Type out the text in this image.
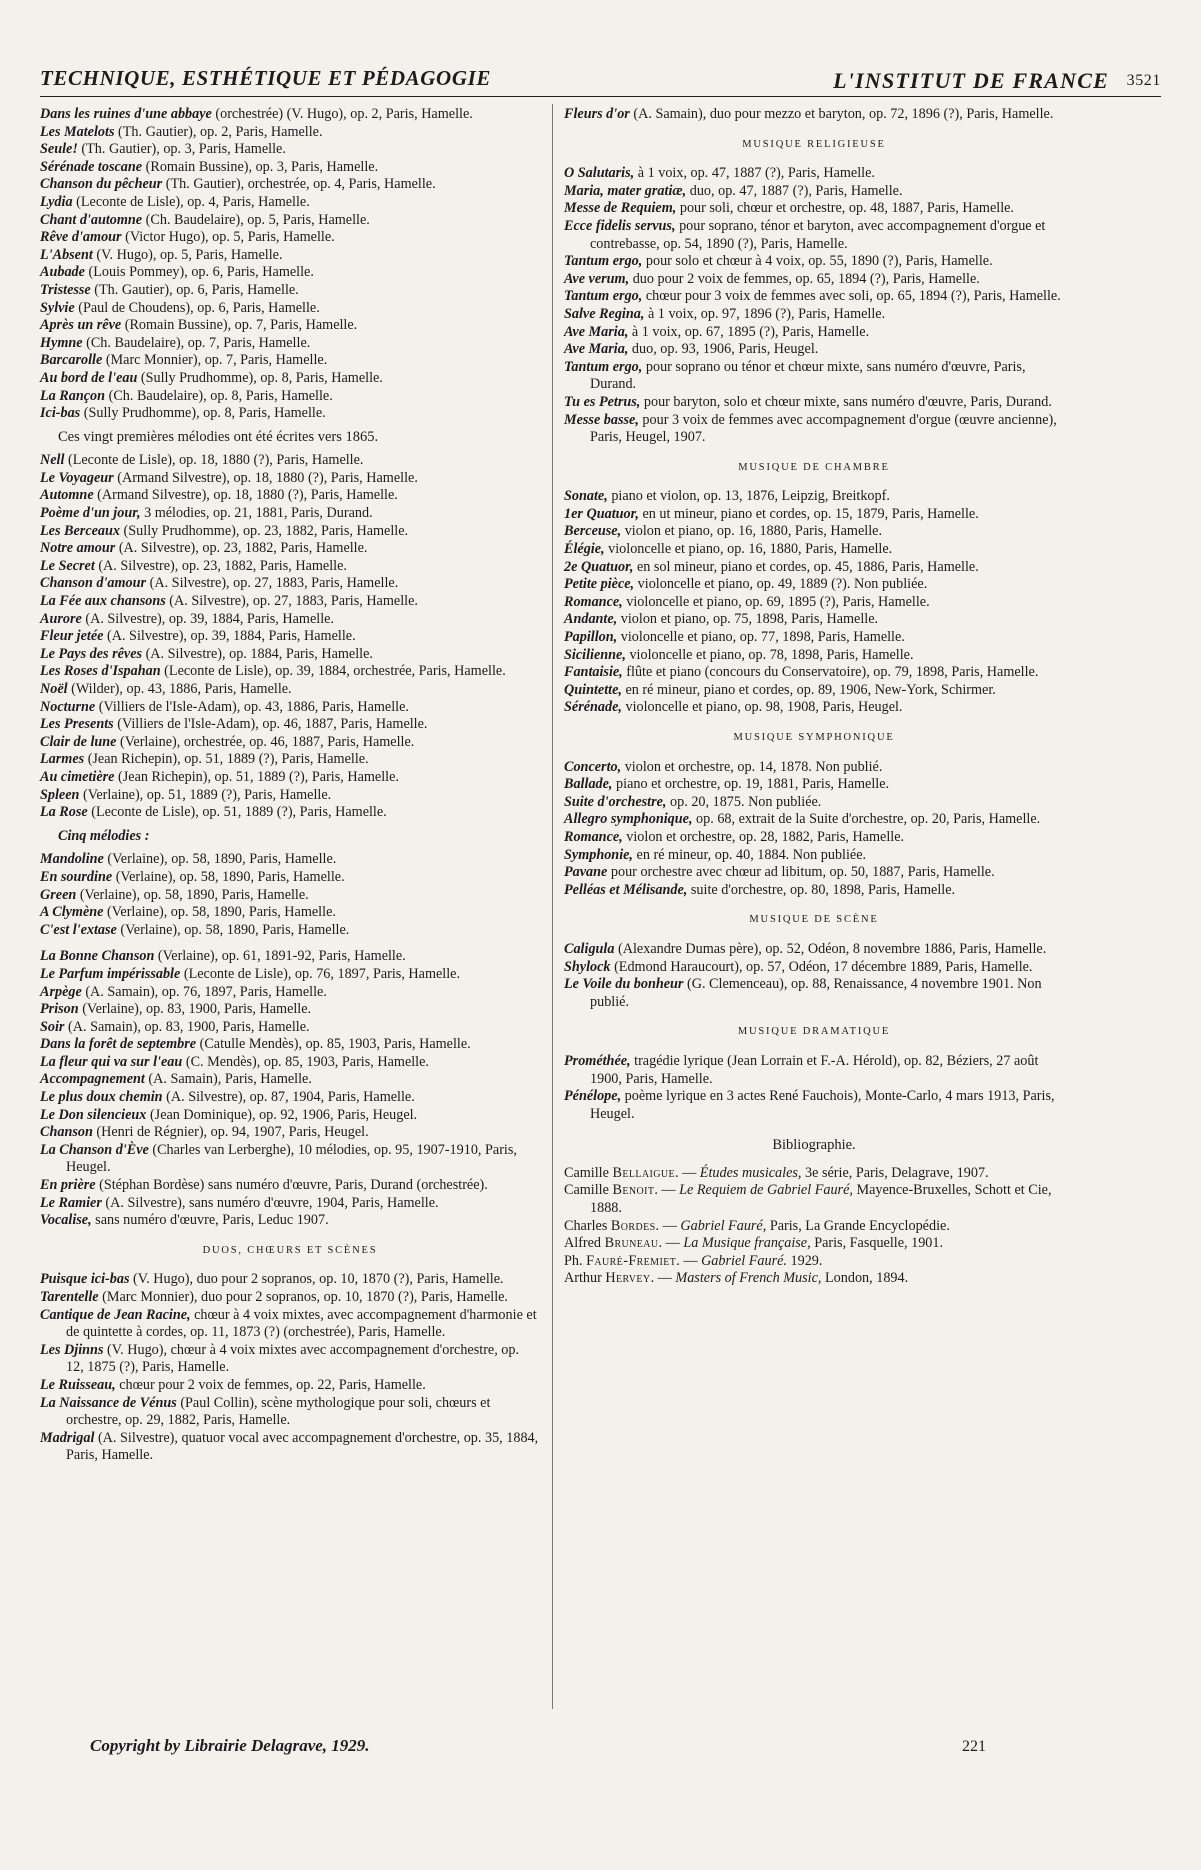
TECHNIQUE, ESTHÉTIQUE ET PÉDAGOGIE	L'INSTITUT DE FRANCE 3521

Dans les ruines d'une abbaye (orchestrée) (V. Hugo), op. 2, Paris, Hamelle.

Les Matelots (Th. Gautier), op. 2, Paris, Hamelle.

Seule! (Th. Gautier), op. 3, Paris, Hamelle.

Sérénade toscane (Romain Bussine), op. 3, Paris, Hamelle.

Chanson du pêcheur (Th. Gautier), orchestrée, op. 4, Paris, Hamelle.

Lydia (Leconte de Lisle), op. 4, Paris, Hamelle.

Chant d'automne (Ch. Baudelaire), op. 5, Paris, Hamelle.

Rêve d'amour (Victor Hugo), op. 5, Paris, Hamelle.

L'Absent (V. Hugo), op. 5, Paris, Hamelle.

Aubade (Louis Pommey), op. 6, Paris, Hamelle.

Tristesse (Th. Gautier), op. 6, Paris, Hamelle.

Sylvie (Paul de Choudens), op. 6, Paris, Hamelle.

Après un rêve (Romain Bussine), op. 7, Paris, Hamelle.

Hymne (Ch. Baudelaire), op. 7, Paris, Hamelle.

Barcarolle (Marc Monnier), op. 7, Paris, Hamelle.

Au bord de l'eau (Sully Prudhomme), op. 8, Paris, Hamelle.

La Rançon (Ch. Baudelaire), op. 8, Paris, Hamelle.

Ici-bas (Sully Prudhomme), op. 8, Paris, Hamelle.

Ces vingt premières mélodies ont été écrites vers 1865.

Nell (Leconte de Lisle), op. 18, 1880 (?), Paris, Hamelle.

Le Voyageur (Armand Silvestre), op. 18, 1880 (?), Paris, Hamelle.

Automne (Armand Silvestre), op. 18, 1880 (?), Paris, Hamelle.

Poème d'un jour, 3 mélodies, op. 21, 1881, Paris, Durand.

Les Berceaux (Sully Prudhomme), op. 23, 1882, Paris, Hamelle.

Notre amour (A. Silvestre), op. 23, 1882, Paris, Hamelle.

Le Secret (A. Silvestre), op. 23, 1882, Paris, Hamelle.

Chanson d'amour (A. Silvestre), op. 27, 1883, Paris, Hamelle.

La Fée aux chansons (A. Silvestre), op. 27, 1883, Paris, Hamelle.

Aurore (A. Silvestre), op. 39, 1884, Paris, Hamelle.

Fleur jetée (A. Silvestre), op. 39, 1884, Paris, Hamelle.

Le Pays des rêves (A. Silvestre), op. 1884, Paris, Hamelle.

Les Roses d'Ispahan (Leconte de Lisle), op. 39, 1884, orchestrée, Paris, Hamelle.

Noël (Wilder), op. 43, 1886, Paris, Hamelle.

Nocturne (Villiers de l'Isle-Adam), op. 43, 1886, Paris, Hamelle.

Les Presents (Villiers de l'Isle-Adam), op. 46, 1887, Paris, Hamelle.

Clair de lune (Verlaine), orchestrée, op. 46, 1887, Paris, Hamelle.

Larmes (Jean Richepin), op. 51, 1889 (?), Paris, Hamelle.

Au cimetière (Jean Richepin), op. 51, 1889 (?), Paris, Hamelle.

Spleen (Verlaine), op. 51, 1889 (?), Paris, Hamelle.

La Rose (Leconte de Lisle), op. 51, 1889 (?), Paris, Hamelle.

Cinq mélodies :

Mandoline (Verlaine), op. 58, 1890, Paris, Hamelle.

En sourdine (Verlaine), op. 58, 1890, Paris, Hamelle.

Green (Verlaine), op. 58, 1890, Paris, Hamelle.

A Clymène (Verlaine), op. 58, 1890, Paris, Hamelle.

C'est l'extase (Verlaine), op. 58, 1890, Paris, Hamelle.

La Bonne Chanson (Verlaine), op. 61, 1891-92, Paris, Hamelle.

Le Parfum impérissable (Leconte de Lisle), op. 76, 1897, Paris, Hamelle.

Arpège (A. Samain), op. 76, 1897, Paris, Hamelle.

Prison (Verlaine), op. 83, 1900, Paris, Hamelle.

Soir (A. Samain), op. 83, 1900, Paris, Hamelle.

Dans la forêt de septembre (Catulle Mendès), op. 85, 1903, Paris, Hamelle.

La fleur qui va sur l'eau (C. Mendès), op. 85, 1903, Paris, Hamelle.

Accompagnement (A. Samain), Paris, Hamelle.

Le plus doux chemin (A. Silvestre), op. 87, 1904, Paris, Hamelle.

Le Don silencieux (Jean Dominique), op. 92, 1906, Paris, Heugel.

Chanson (Henri de Régnier), op. 94, 1907, Paris, Heugel.

La Chanson d'Ève (Charles van Lerberghe), 10 mélodies, op. 95, 1907-1910, Paris, Heugel.

En prière (Stéphan Bordèse) sans numéro d'œuvre, Paris, Durand (orchestrée).

Le Ramier (A. Silvestre), sans numéro d'œuvre, 1904, Paris, Hamelle.

Vocalise, sans numéro d'œuvre, Paris, Leduc 1907.

DUOS, CHŒURS ET SCÈNES

Puisque ici-bas (V. Hugo), duo pour 2 sopranos, op. 10, 1870 (?), Paris, Hamelle.

Tarentelle (Marc Monnier), duo pour 2 sopranos, op. 10, 1870 (?), Paris, Hamelle.

Cantique de Jean Racine, chœur à 4 voix mixtes, avec accompagnement d'harmonie et de quintette à cordes, op. 11, 1873 (?) (orchestrée), Paris, Hamelle.

Les Djinns (V. Hugo), chœur à 4 voix mixtes avec accompagnement d'orchestre, op. 12, 1875 (?), Paris, Hamelle.

Le Ruisseau, chœur pour 2 voix de femmes, op. 22, Paris, Hamelle.

La Naissance de Vénus (Paul Collin), scène mythologique pour soli, chœurs et orchestre, op. 29, 1882, Paris, Hamelle.

Madrigal (A. Silvestre), quatuor vocal avec accompagnement d'orchestre, op. 35, 1884, Paris, Hamelle.

Fleurs d'or (A. Samain), duo pour mezzo et baryton, op. 72, 1896 (?), Paris, Hamelle.

MUSIQUE RELIGIEUSE

O Salutaris, à 1 voix, op. 47, 1887 (?), Paris, Hamelle.

Maria, mater gratiæ, duo, op. 47, 1887 (?), Paris, Hamelle.

Messe de Requiem, pour soli, chœur et orchestre, op. 48, 1887, Paris, Hamelle.

Ecce fidelis servus, pour soprano, ténor et baryton, avec accompagnement d'orgue et contrebasse, op. 54, 1890 (?), Paris, Hamelle.

Tantum ergo, pour solo et chœur à 4 voix, op. 55, 1890 (?), Paris, Hamelle.

Ave verum, duo pour 2 voix de femmes, op. 65, 1894 (?), Paris, Hamelle.

Tantum ergo, chœur pour 3 voix de femmes avec soli, op. 65, 1894 (?), Paris, Hamelle.

Salve Regina, à 1 voix, op. 97, 1896 (?), Paris, Hamelle.

Ave Maria, à 1 voix, op. 67, 1895 (?), Paris, Hamelle.

Ave Maria, duo, op. 93, 1906, Paris, Heugel.

Tantum ergo, pour soprano ou ténor et chœur mixte, sans numéro d'œuvre, Paris, Durand.

Tu es Petrus, pour baryton, solo et chœur mixte, sans numéro d'œuvre, Paris, Durand.

Messe basse, pour 3 voix de femmes avec accompagnement d'orgue (œuvre ancienne), Paris, Heugel, 1907.

MUSIQUE DE CHAMBRE

Sonate, piano et violon, op. 13, 1876, Leipzig, Breitkopf.

1er Quatuor, en ut mineur, piano et cordes, op. 15, 1879, Paris, Hamelle.

Berceuse, violon et piano, op. 16, 1880, Paris, Hamelle.

Élégie, violoncelle et piano, op. 16, 1880, Paris, Hamelle.

2e Quatuor, en sol mineur, piano et cordes, op. 45, 1886, Paris, Hamelle.

Petite pièce, violoncelle et piano, op. 49, 1889 (?). Non publiée.

Romance, violoncelle et piano, op. 69, 1895 (?), Paris, Hamelle.

Andante, violon et piano, op. 75, 1898, Paris, Hamelle.

Papillon, violoncelle et piano, op. 77, 1898, Paris, Hamelle.

Sicilienne, violoncelle et piano, op. 78, 1898, Paris, Hamelle.

Fantaisie, flûte et piano (concours du Conservatoire), op. 79, 1898, Paris, Hamelle.

Quintette, en ré mineur, piano et cordes, op. 89, 1906, New-York, Schirmer.

Sérénade, violoncelle et piano, op. 98, 1908, Paris, Heugel.

MUSIQUE SYMPHONIQUE

Concerto, violon et orchestre, op. 14, 1878. Non publié.

Ballade, piano et orchestre, op. 19, 1881, Paris, Hamelle.

Suite d'orchestre, op. 20, 1875. Non publiée.

Allegro symphonique, op. 68, extrait de la Suite d'orchestre, op. 20, Paris, Hamelle.

Romance, violon et orchestre, op. 28, 1882, Paris, Hamelle.

Symphonie, en ré mineur, op. 40, 1884. Non publiée.

Pavane pour orchestre avec chœur ad libitum, op. 50, 1887, Paris, Hamelle.

Pelléas et Mélisande, suite d'orchestre, op. 80, 1898, Paris, Hamelle.

MUSIQUE DE SCÈNE

Caligula (Alexandre Dumas père), op. 52, Odéon, 8 novembre 1886, Paris, Hamelle.

Shylock (Edmond Haraucourt), op. 57, Odéon, 17 décembre 1889, Paris, Hamelle.

Le Voile du bonheur (G. Clemenceau), op. 88, Renaissance, 4 novembre 1901. Non publié.

MUSIQUE DRAMATIQUE

Prométhée, tragédie lyrique (Jean Lorrain et F.-A. Hérold), op. 82, Béziers, 27 août 1900, Paris, Hamelle.

Pénélope, poème lyrique en 3 actes René Fauchois), Monte-Carlo, 4 mars 1913, Paris, Heugel.

Bibliographie.

Camille Bellaigue. — Études musicales, 3e série, Paris, Delagrave, 1907.

Camille Benoit. — Le Requiem de Gabriel Fauré, Mayence-Bruxelles, Schott et Cie, 1888.

Charles Bordes. — Gabriel Fauré, Paris, La Grande Encyclopédie.

Alfred Bruneau. — La Musique française, Paris, Fasquelle, 1901.

Ph. Fauré-Fremiet. — Gabriel Fauré. 1929.

Arthur Hervey. — Masters of French Music, London, 1894.

Copyright by Librairie Delagrave, 1929.	221
